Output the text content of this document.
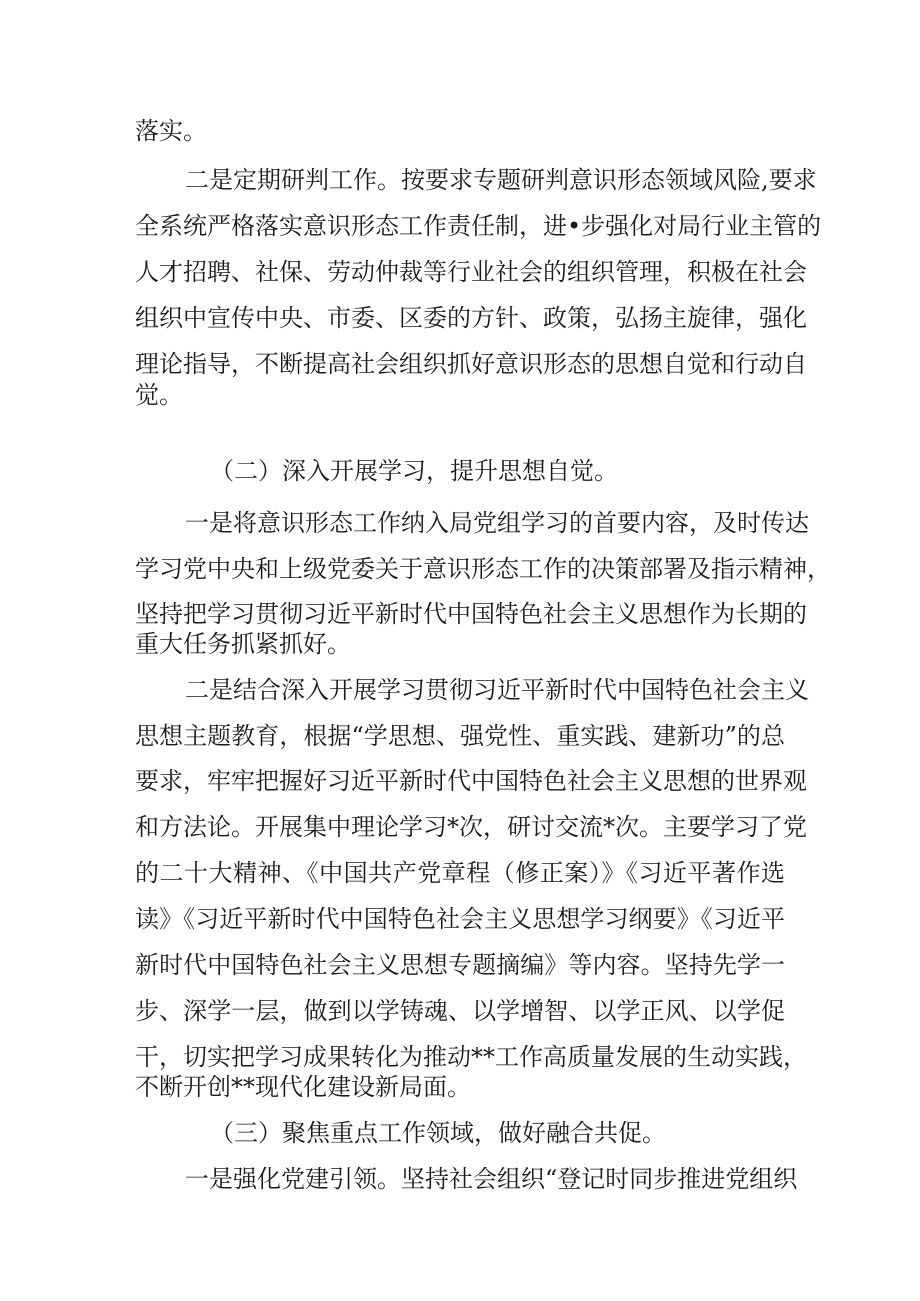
落实。

二是定期研判工作。按要求专题研判意识形态领域风险,要求

全系统严格落实意识形态工作责任制，进•步强化对局行业主管的

人才招聘、社保、劳动仲裁等行业社会的组织管理，积极在社会

组织中宣传中央、市委、区委的方针、政策，弘扬主旋律，强化

理论指导，不断提高社会组织抓好意识形态的思想自觉和行动自

觉。

（二）深入开展学习，提升思想自觉。

一是将意识形态工作纳入局党组学习的首要内容，及时传达

学习党中央和上级党委关于意识形态工作的决策部署及指示精神，

坚持把学习贯彻习近平新时代中国特色社会主义思想作为长期的

重大任务抓紧抓好。

二是结合深入开展学习贯彻习近平新时代中国特色社会主义

思想主题教育，根据“学思想、强党性、重实践、建新功”的总

要求，牢牢把握好习近平新时代中国特色社会主义思想的世界观

和方法论。开展集中理论学习*次，研讨交流*次。主要学习了党

的二十大精神、《中国共产党章程（修正案）》《习近平著作选

读》《习近平新时代中国特色社会主义思想学习纲要》《习近平

新时代中国特色社会主义思想专题摘编》等内容。坚持先学一

步、深学一层，做到以学铸魂、以学增智、以学正风、以学促

干，切实把学习成果转化为推动**工作高质量发展的生动实践，

不断开创**现代化建设新局面。

（三）聚焦重点工作领域，做好融合共促。

一是强化党建引领。坚持社会组织“登记时同步推进党组织
